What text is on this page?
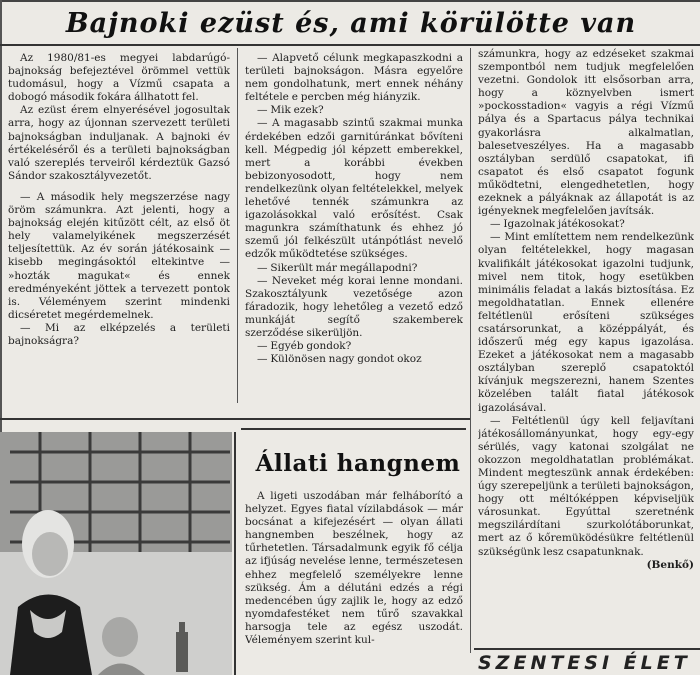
Bajnoki ezüst és, ami körülötte van

Az 1980/81-es megyei labdarúgó-bajnokság befejeztével örömmel vettük tudomásul, hogy a Vízmű csapata a dobogó második fokára állhatott fel.

Az ezüst érem elnyerésével jogosultak arra, hogy az újonnan szervezett területi bajnokságban induljanak. A bajnoki év értékeléséről és a területi bajnokságban való szereplés terveiről kérdeztük Gazsó Sándor szakosztályvezetőt.

— A második hely megszerzése nagy öröm számunkra. Azt jelenti, hogy a bajnokság elején kitűzött célt, az első öt hely valamelyikének megszerzését teljesítettük. Az év során játékosaink — kisebb megingásoktól eltekintve — »hozták magukat« és ennek eredményeként jöttek a tervezett pontok is. Véleményem szerint mindenki dicséretet megérdemelnek.

— Mi az elképzelés a területi bajnokságra?

— Alapvető célunk megkapaszkodni a területi bajnokságon. Másra egyelőre nem gondolhatunk, mert ennek néhány feltétele e percben még hiányzik.

— Mik ezek?

— A magasabb szintű szakmai munka érdekében edzői garnitúránkat bővíteni kell. Mégpedig jól képzett emberekkel, mert a korábbi években bebizonyosodott, hogy nem rendelkezünk olyan feltételekkel, melyek lehetővé tennék számunkra az igazolásokkal való erősítést. Csak magunkra számíthatunk és ehhez jó szemű jól felkészült utánpótlást nevelő edzők működtetése szükséges.

— Sikerült már megállapodni?

— Neveket még korai lenne mondani. Szakosztályunk vezetősége azon fáradozik, hogy lehetőleg a vezető edző munkáját segítő szakemberek szerződése sikerüljön.

— Egyéb gondok?

— Különösen nagy gondot okoz

számunkra, hogy az edzéseket szakmai szempontból nem tudjuk megfelelően vezetni. Gondolok itt elsősorban arra, hogy a köznyelvben ismert »pockosstadion« vagyis a régi Vízmű pálya és a Spartacus pálya technikai gyakorlásra alkalmatlan, balesetveszélyes. Ha a magasabb osztályban serdülő csapatokat, ifi csapatot és első csapatot fogunk működtetni, elengedhetetlen, hogy ezeknek a pályáknak az állapotát is az igényeknek megfelelően javítsák.

— Igazolnak játékosokat?

— Mint említettem nem rendelkezünk olyan feltételekkel, hogy magasan kvalifikált játékosokat igazolni tudjunk, mivel nem titok, hogy esetükben minimális feladat a lakás biztosítása. Ez megoldhatatlan. Ennek ellenére feltétlenül erősíteni szükséges csatársorunkat, a középpályát, és időszerű még egy kapus igazolása. Ezeket a játékosokat nem a magasabb osztályban szereplő csapatoktól kívánjuk megszerezni, hanem Szentes közelében talált fiatal játékosok igazolásával.

— Feltétlenül úgy kell feljavítani játékosállományunkat, hogy egy-egy sérülés, vagy katonai szolgálat ne okozzon megoldhatatlan problémákat. Mindent megteszünk annak érdekében: úgy szerepeljünk a területi bajnokságon, hogy ott méltóképpen képviseljük városunkat. Egyúttal szeretnénk megszilárdítani szurkolótáborunkat, mert az ő kőremüködésükre feltétlenül szükségünk lesz csapatunknak.

(Benkő)
Állati hangnem

A ligeti uszodában már felháborító a helyzet. Egyes fiatal vízilabdások — már bocsánat a kifejezésért — olyan állati hangnemben beszélnek, hogy az tűrhetetlen. Társadalmunk egyik fő célja az ifjúság nevelése lenne, természetesen ehhez megfelelő személyekre lenne szükség. Ám a délutáni edzés a régi medencében úgy zajlik le, hogy az edző nyomdafestéket nem tűrő szavakkal harsogja tele az egész uszodát. Véleményem szerint kul-

SZENTESI ÉLET
